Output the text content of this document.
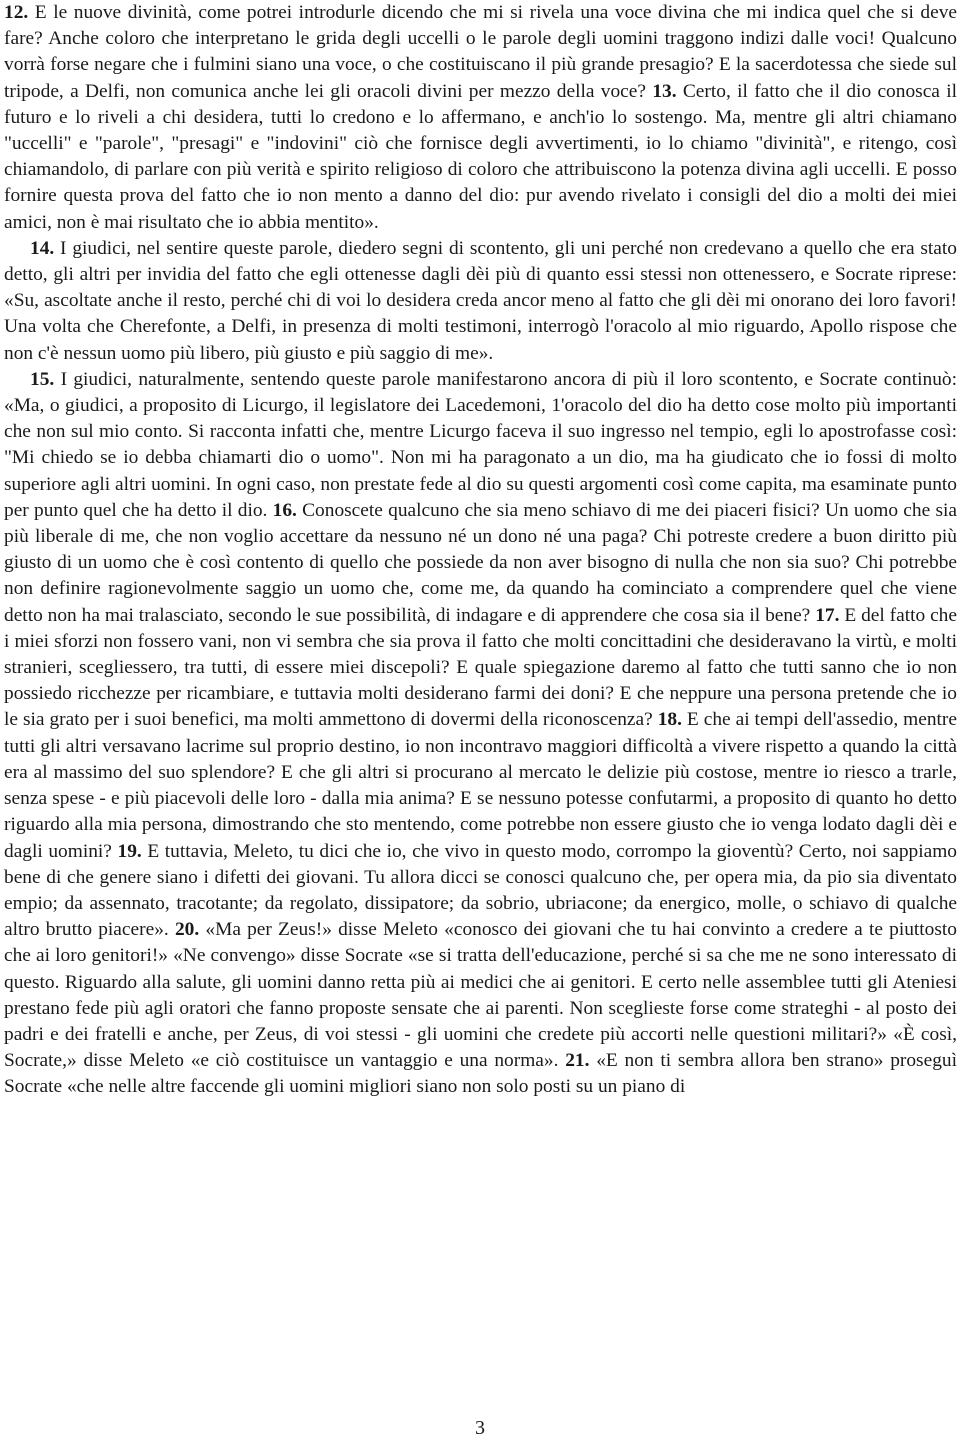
12. E le nuove divinità, come potrei introdurle dicendo che mi si rivela una voce divina che mi indica quel che si deve fare? Anche coloro che interpretano le grida degli uccelli o le parole degli uomini traggono indizi dalle voci! Qualcuno vorrà forse negare che i fulmini siano una voce, o che costituiscano il più grande presagio? E la sacerdotessa che siede sul tripode, a Delfi, non comunica anche lei gli oracoli divini per mezzo della voce? 13. Certo, il fatto che il dio conosca il futuro e lo riveli a chi desidera, tutti lo credono e lo affermano, e anch'io lo sostengo. Ma, mentre gli altri chiamano "uccelli" e "parole", "presagi" e "indovini" ciò che fornisce degli avvertimenti, io lo chiamo "divinità", e ritengo, così chiamandolo, di parlare con più verità e spirito religioso di coloro che attribuiscono la potenza divina agli uccelli. E posso fornire questa prova del fatto che io non mento a danno del dio: pur avendo rivelato i consigli del dio a molti dei miei amici, non è mai risultato che io abbia mentito».

14. I giudici, nel sentire queste parole, diedero segni di scontento, gli uni perché non credevano a quello che era stato detto, gli altri per invidia del fatto che egli ottenesse dagli dèi più di quanto essi stessi non ottenessero, e Socrate riprese: «Su, ascoltate anche il resto, perché chi di voi lo desidera creda ancor meno al fatto che gli dèi mi onorano dei loro favori! Una volta che Cherefonte, a Delfi, in presenza di molti testimoni, interrogò l'oracolo al mio riguardo, Apollo rispose che non c'è nessun uomo più libero, più giusto e più saggio di me».

15. I giudici, naturalmente, sentendo queste parole manifestarono ancora di più il loro scontento, e Socrate continuò: «Ma, o giudici, a proposito di Licurgo, il legislatore dei Lacedemoni, 1'oracolo del dio ha detto cose molto più importanti che non sul mio conto. Si racconta infatti che, mentre Licurgo faceva il suo ingresso nel tempio, egli lo apostrofasse così: "Mi chiedo se io debba chiamarti dio o uomo". Non mi ha paragonato a un dio, ma ha giudicato che io fossi di molto superiore agli altri uomini. In ogni caso, non prestate fede al dio su questi argomenti così come capita, ma esaminate punto per punto quel che ha detto il dio. 16. Conoscete qualcuno che sia meno schiavo di me dei piaceri fisici? Un uomo che sia più liberale di me, che non voglio accettare da nessuno né un dono né una paga? Chi potreste credere a buon diritto più giusto di un uomo che è così contento di quello che possiede da non aver bisogno di nulla che non sia suo? Chi potrebbe non definire ragionevolmente saggio un uomo che, come me, da quando ha cominciato a comprendere quel che viene detto non ha mai tralasciato, secondo le sue possibilità, di indagare e di apprendere che cosa sia il bene? 17. E del fatto che i miei sforzi non fossero vani, non vi sembra che sia prova il fatto che molti concittadini che desideravano la virtù, e molti stranieri, scegliessero, tra tutti, di essere miei discepoli? E quale spiegazione daremo al fatto che tutti sanno che io non possiedo ricchezze per ricambiare, e tuttavia molti desiderano farmi dei doni? E che neppure una persona pretende che io le sia grato per i suoi benefici, ma molti ammettono di dovermi della riconoscenza? 18. E che ai tempi dell'assedio, mentre tutti gli altri versavano lacrime sul proprio destino, io non incontravo maggiori difficoltà a vivere rispetto a quando la città era al massimo del suo splendore? E che gli altri si procurano al mercato le delizie più costose, mentre io riesco a trarle, senza spese - e più piacevoli delle loro - dalla mia anima? E se nessuno potesse confutarmi, a proposito di quanto ho detto riguardo alla mia persona, dimostrando che sto mentendo, come potrebbe non essere giusto che io venga lodato dagli dèi e dagli uomini? 19. E tuttavia, Meleto, tu dici che io, che vivo in questo modo, corrompo la gioventù? Certo, noi sappiamo bene di che genere siano i difetti dei giovani. Tu allora dicci se conosci qualcuno che, per opera mia, da pio sia diventato empio; da assennato, tracotante; da regolato, dissipatore; da sobrio, ubriacone; da energico, molle, o schiavo di qualche altro brutto piacere». 20. «Ma per Zeus!» disse Meleto «conosco dei giovani che tu hai convinto a credere a te piuttosto che ai loro genitori!» «Ne convengo» disse Socrate «se si tratta dell'educazione, perché si sa che me ne sono interessato di questo. Riguardo alla salute, gli uomini danno retta più ai medici che ai genitori. E certo nelle assemblee tutti gli Ateniesi prestano fede più agli oratori che fanno proposte sensate che ai parenti. Non sceglieste forse come strateghi - al posto dei padri e dei fratelli e anche, per Zeus, di voi stessi - gli uomini che credete più accorti nelle questioni militari?» «È così, Socrate,» disse Meleto «e ciò costituisce un vantaggio e una norma». 21. «E non ti sembra allora ben strano» proseguì Socrate «che nelle altre faccende gli uomini migliori siano non solo posti su un piano di

3
